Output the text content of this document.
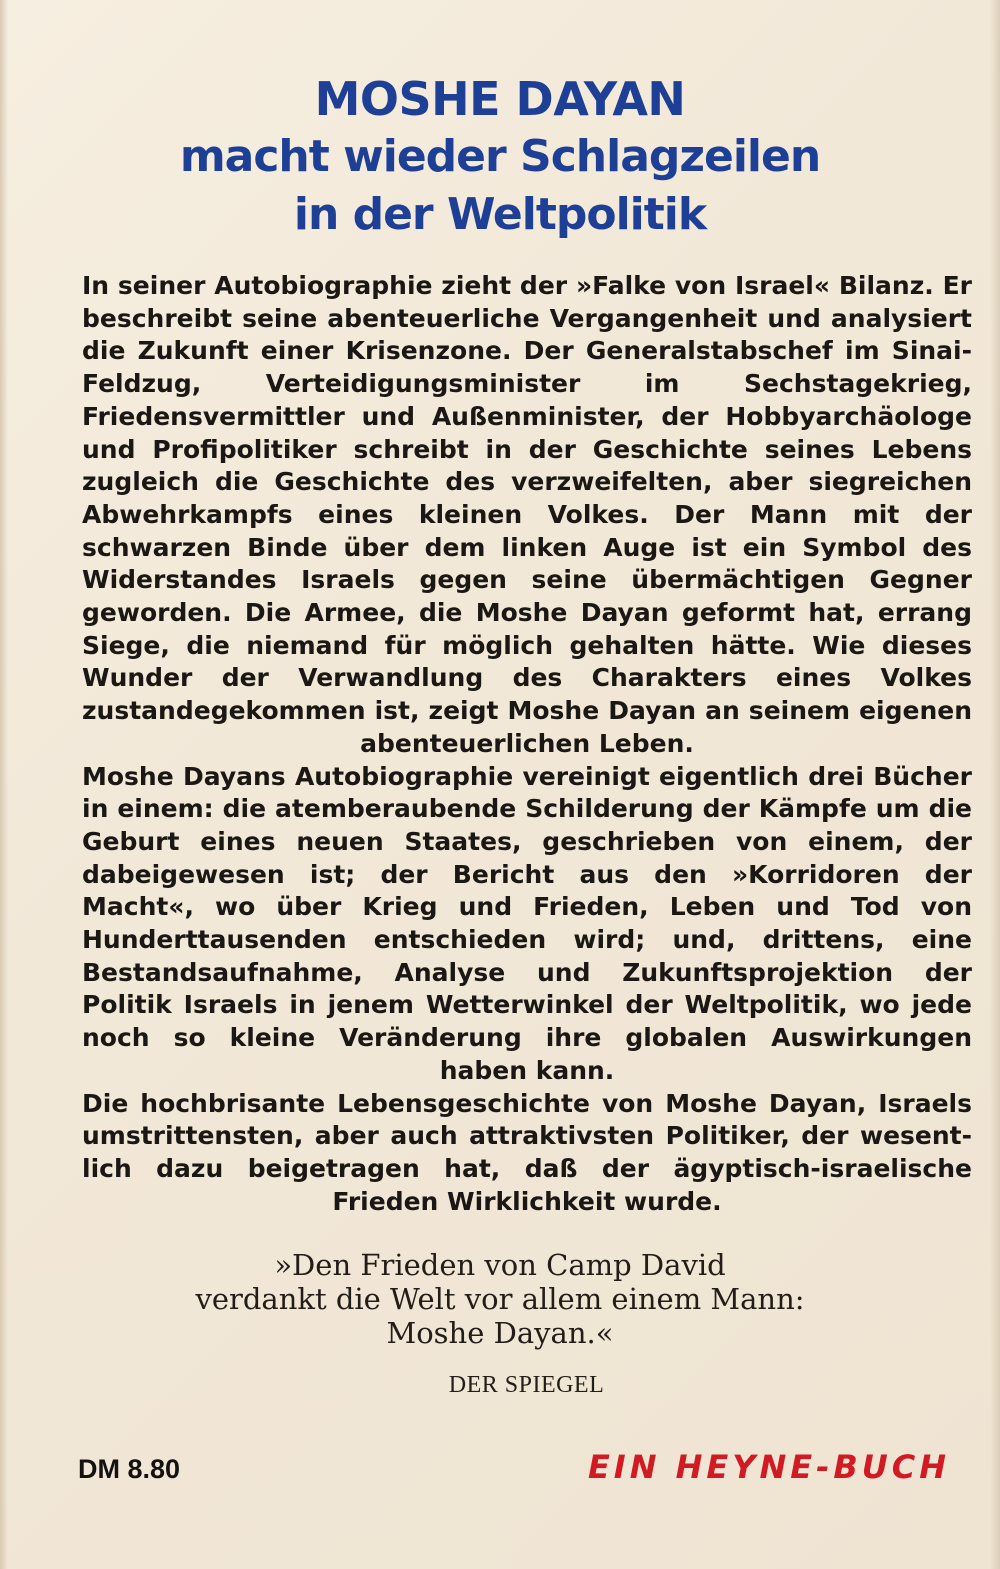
MOSHE DAYAN
macht wieder Schlagzeilen
in der Weltpolitik

In seiner Autobiographie zieht der »Falke von Israel« Bilanz. Er beschreibt seine abenteuerliche Vergangenheit und analysiert die Zukunft einer Krisenzone. Der Generalstabschef im Sinai-Feldzug, Verteidigungsminister im Sechstagekrieg, Friedensvermittler und Außenminister, der Hobbyarchäologe und Profipolitiker schreibt in der Geschichte seines Lebens zugleich die Geschichte des verzweifelten, aber siegreichen Abwehrkampfs eines kleinen Volkes. Der Mann mit der schwarzen Binde über dem linken Auge ist ein Symbol des Widerstandes Israels gegen seine übermächtigen Gegner geworden. Die Armee, die Moshe Dayan geformt hat, errang Siege, die niemand für möglich gehalten hätte. Wie dieses Wunder der Verwandlung des Charakters eines Volkes zustandegekommen ist, zeigt Moshe Dayan an seinem eigenen abenteuerlichen Leben.

Moshe Dayans Autobiographie vereinigt eigentlich drei Bücher in einem: die atemberaubende Schilderung der Kämpfe um die Geburt eines neuen Staates, geschrieben von einem, der dabeigewesen ist; der Bericht aus den »Korridoren der Macht«, wo über Krieg und Frieden, Leben und Tod von Hunderttausenden entschieden wird; und, drittens, eine Bestandsaufnahme, Analyse und Zukunftsprojektion der Politik Israels in jenem Wetterwinkel der Weltpolitik, wo jede noch so kleine Veränderung ihre globalen Auswirkungen haben kann.

Die hochbrisante Lebensgeschichte von Moshe Dayan, Israels umstrittensten, aber auch attraktivsten Politiker, der wesentlich dazu beigetragen hat, daß der ägyptisch-israelische Frieden Wirklichkeit wurde.

»Den Frieden von Camp David
verdankt die Welt vor allem einem Mann:
Moshe Dayan.«
DER SPIEGEL
DM 8.80	EIN HEYNE-BUCH
